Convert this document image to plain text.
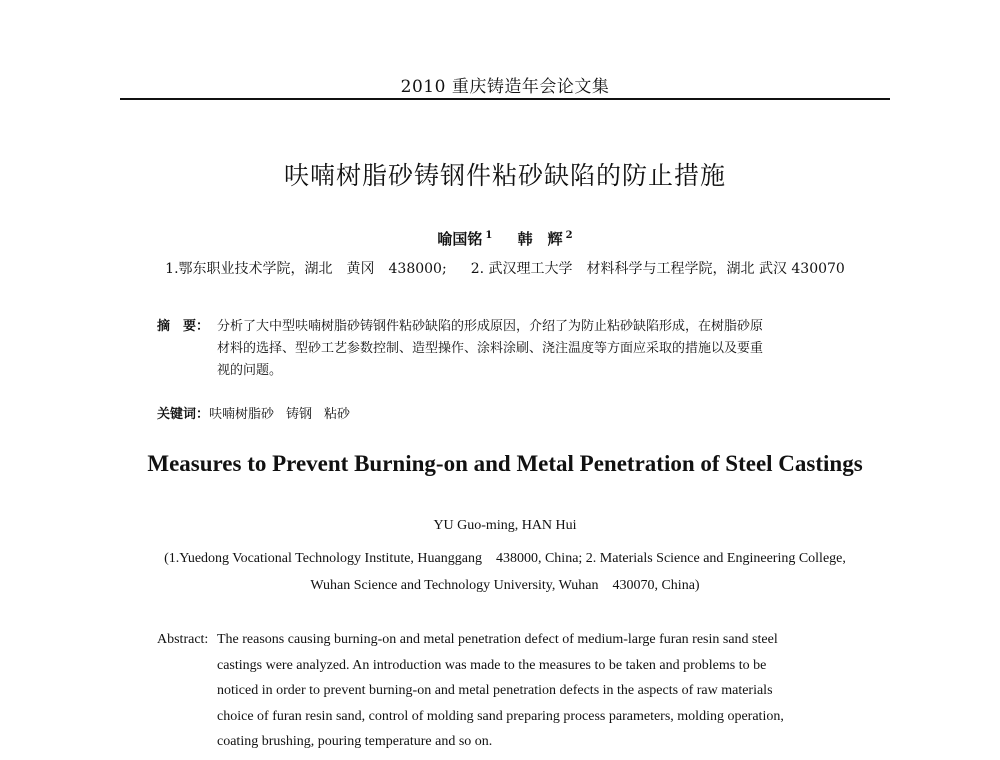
2010 重庆铸造年会论文集
呋喃树脂砂铸钢件粘砂缺陷的防止措施
喻国铭 $^1$ 韩　辉 $^2$
1.鄂东职业技术学院，湖北　黄冈　438000; 2. 武汉理工大学　材料科学与工程学院，湖北 武汉 430070
摘　要： 分析了大中型呋喃树脂砂铸钢件粘砂缺陷的形成原因，介绍了为防止粘砂缺陷形成，在树脂砂原
材料的选择、型砂工艺参数控制、造型操作、涂料涂刷、浇注温度等方面应采取的措施以及要重
视的问题。
关键词：呋喃树脂砂 铸钢 粘砂
Measures to Prevent Burning-on and Metal Penetration of Steel Castings
YU Guo-ming, HAN Hui
(1.Yuedong Vocational Technology Institute, Huanggang　438000, China; 2. Materials Science and Engineering College,
Wuhan Science and Technology University, Wuhan　430070, China)
Abstract: The reasons causing burning-on and metal penetration defect of medium-large furan resin sand steel
castings were analyzed. An introduction was made to the measures to be taken and problems to be
noticed in order to prevent burning-on and metal penetration defects in the aspects of raw materials
choice of furan resin sand, control of molding sand preparing process parameters, molding operation,
coating brushing, pouring temperature and so on.
